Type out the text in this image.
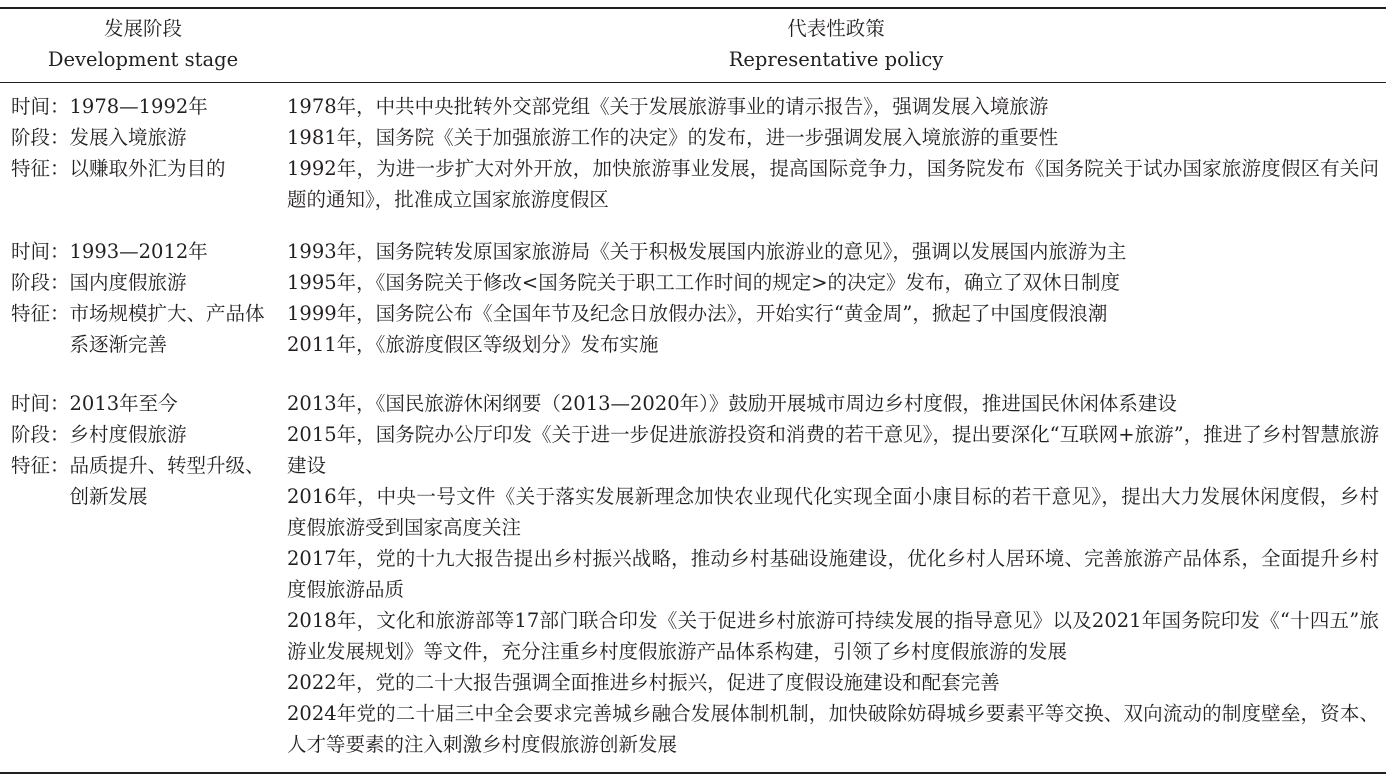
发展阶段
Development stage
代表性政策
Representative policy
时间： 1978—1992年
阶段： 发展入境旅游
特征： 以赚取外汇为目的
1978年，中共中央批转外交部党组《关于发展旅游事业的请示报告》，强调发展入境旅游
1981年，国务院《关于加强旅游工作的决定》的发布，进一步强调发展入境旅游的重要性
1992年，为进一步扩大对外开放，加快旅游事业发展，提高国际竞争力，国务院发布《国务院关于试办国家旅游度假区有关问题的通知》，批准成立国家旅游度假区
时间： 1993—2012年
阶段： 国内度假旅游
特征： 市场规模扩大、产品体系逐渐完善
1993年，国务院转发原国家旅游局《关于积极发展国内旅游业的意见》，强调以发展国内旅游为主
1995年，《国务院关于修改<国务院关于职工工作时间的规定>的决定》发布，确立了双休日制度
1999年，国务院公布《全国年节及纪念日放假办法》，开始实行“黄金周”，掀起了中国度假浪潮
2011年，《旅游度假区等级划分》发布实施
时间： 2013年至今
阶段： 乡村度假旅游
特征： 品质提升、转型升级、创新发展
2013年，《国民旅游休闲纲要（2013—2020年）》鼓励开展城市周边乡村度假，推进国民休闲体系建设
2015年，国务院办公厅印发《关于进一步促进旅游投资和消费的若干意见》，提出要深化“互联网+旅游”，推进了乡村智慧旅游建设
2016年，中央一号文件《关于落实发展新理念加快农业现代化实现全面小康目标的若干意见》，提出大力发展休闲度假，乡村度假旅游受到国家高度关注
2017年，党的十九大报告提出乡村振兴战略，推动乡村基础设施建设，优化乡村人居环境、完善旅游产品体系，全面提升乡村度假旅游品质
2018年，文化和旅游部等17部门联合印发《关于促进乡村旅游可持续发展的指导意见》以及2021年国务院印发《“十四五”旅游业发展规划》等文件，充分注重乡村度假旅游产品体系构建，引领了乡村度假旅游的发展
2022年，党的二十大报告强调全面推进乡村振兴，促进了度假设施建设和配套完善
2024年党的二十届三中全会要求完善城乡融合发展体制机制，加快破除妨碍城乡要素平等交换、双向流动的制度壁垒，资本、人才等要素的注入刺激乡村度假旅游创新发展
